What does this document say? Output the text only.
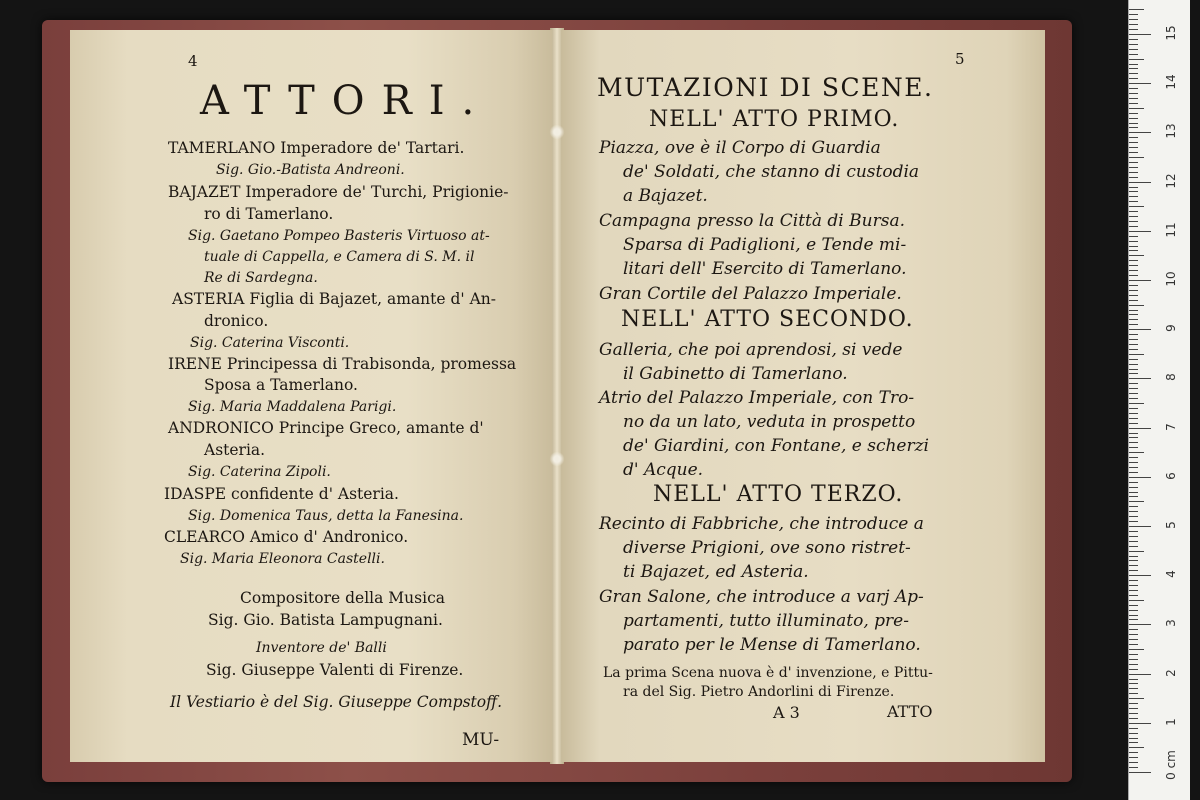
4
ATTORI.
TAMERLANO Imperadore de' Tartari.
Sig. Gio.-Batista Andreoni.
BAJAZET Imperadore de' Turchi, Prigionie-
ro di Tamerlano.
Sig. Gaetano Pompeo Basteris Virtuoso at-
tuale di Cappella, e Camera di S. M. il
Re di Sardegna.
ASTERIA Figlia di Bajazet, amante d' An-
dronico.
Sig. Caterina Visconti.
IRENE Principessa di Trabisonda, promessa
Sposa a Tamerlano.
Sig. Maria Maddalena Parigi.
ANDRONICO Principe Greco, amante d'
Asteria.
Sig. Caterina Zipoli.
IDASPE confidente d' Asteria.
Sig. Domenica Taus, detta la Fanesina.
CLEARCO Amico d' Andronico.
Sig. Maria Eleonora Castelli.
Compositore della Musica
Sig. Gio. Batista Lampugnani.
Inventore de' Balli
Sig. Giuseppe Valenti di Firenze.
Il Vestiario è del Sig. Giuseppe Compstoff.
MU-
5
MUTAZIONI DI SCENE.
NELL' ATTO PRIMO.
Piazza, ove è il Corpo di Guardia
de' Soldati, che stanno di custodia
a Bajazet.
Campagna presso la Città di Bursa.
Sparsa di Padiglioni, e Tende mi-
litari dell' Esercito di Tamerlano.
Gran Cortile del Palazzo Imperiale.
NELL' ATTO SECONDO.
Galleria, che poi aprendosi, si vede
il Gabinetto di Tamerlano.
Atrio del Palazzo Imperiale, con Tro-
no da un lato, veduta in prospetto
de' Giardini, con Fontane, e scherzi
d' Acque.
NELL' ATTO TERZO.
Recinto di Fabbriche, che introduce a
diverse Prigioni, ove sono ristret-
ti Bajazet, ed Asteria.
Gran Salone, che introduce a varj Ap-
partamenti, tutto illuminato, pre-
parato per le Mense di Tamerlano.
La prima Scena nuova è d' invenzione, e Pittu-
ra del Sig. Pietro Andorlini di Firenze.
A 3	ATTO
0 cm
1
2
3
4
5
6
7
8
9
10
11
12
13
14
15
